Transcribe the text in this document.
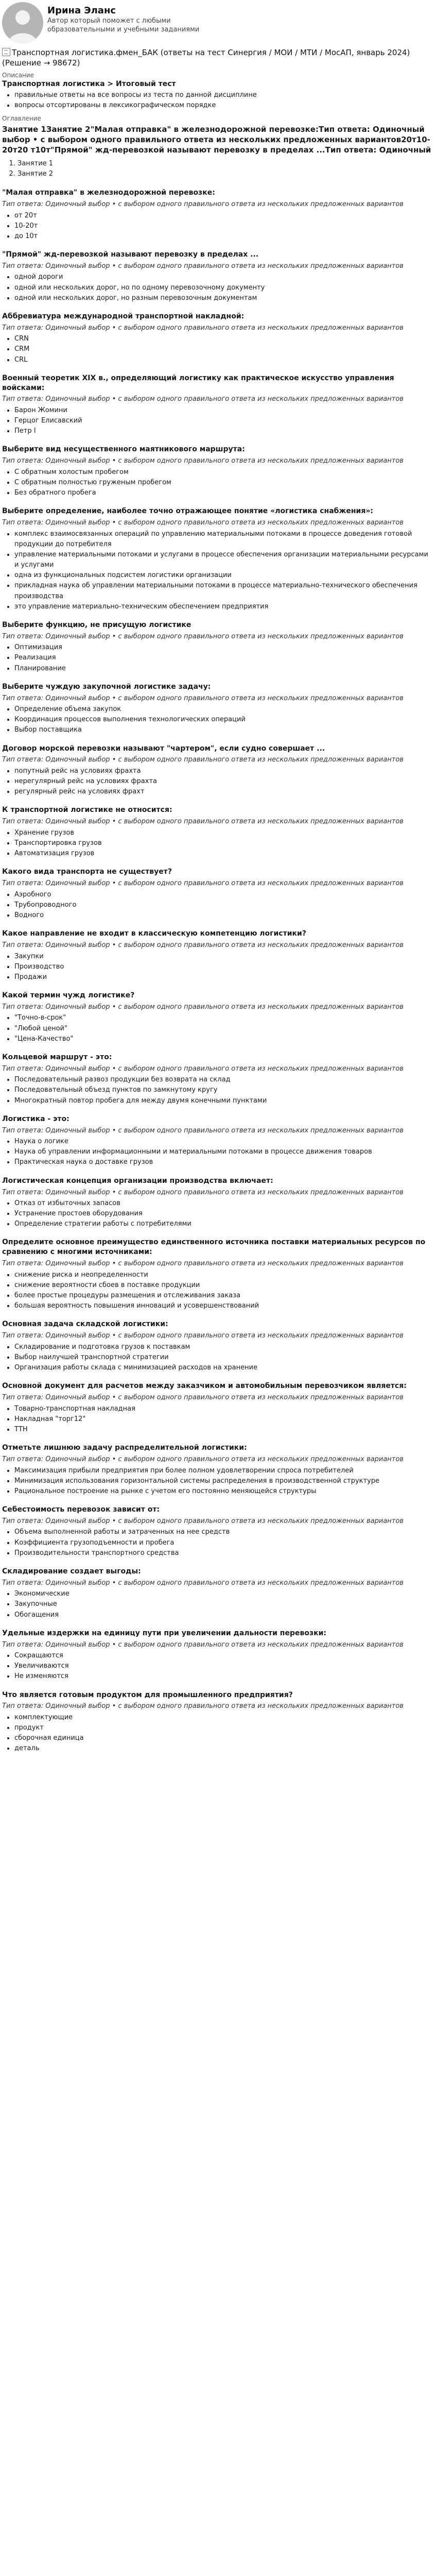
Ирина Эланс
Автор который поможет с любыми образовательными и учебными заданиями
Транспортная логистика.фмен_БАК (ответы на тест Синергия / МОИ / МТИ / МосАП, январь 2024) (Решение → 98672)
Описание
Транспортная логистика > Итоговый тест
• правильные ответы на все вопросы из теста по данной дисциплине
• вопросы отсортированы в лексикографическом порядке
Оглавление
Занятие 1Занятие 2"Малая отправка" в железнодорожной перевозке:Тип ответа: Одиночный выбор • с выбором одного правильного ответа из нескольких предложенных вариантов20т10-20т20 т10т"Прямой" жд-перевозкой называют перевозку в пределах ...Тип ответа: Одиночный
1. Занятие 1
2. Занятие 2
"Малая отправка" в железнодорожной перевозке:
Тип ответа: Одиночный выбор • с выбором одного правильного ответа из нескольких предложенных вариантов
• от 20т
• 10-20т
• до 10т
"Прямой" жд-перевозкой называют перевозку в пределах ...
Тип ответа: Одиночный выбор • с выбором одного правильного ответа из нескольких предложенных вариантов
• одной дороги
• одной или нескольких дорог, но по одному перевозочному документу
• одной или нескольких дорог, но разным перевозочным документам
Аббревиатура международной транспортной накладной:
Тип ответа: Одиночный выбор • с выбором одного правильного ответа из нескольких предложенных вариантов
• CRN
• CRM
• CRL
Военный теоретик XIX в., определяющий логистику как практическое искусство управления войсками:
Тип ответа: Одиночный выбор • с выбором одного правильного ответа из нескольких предложенных вариантов
• Барон Жомини
• Герцог Елисавский
• Петр I
Выберите вид несущественного маятникового маршрута:
Тип ответа: Одиночный выбор • с выбором одного правильного ответа из нескольких предложенных вариантов
• С обратным холостым пробегом
• С обратным полностью груженым пробегом
• Без обратного пробега
Выберите определение, наиболее точно отражающее понятие «логистика снабжения»:
Тип ответа: Одиночный выбор • с выбором одного правильного ответа из нескольких предложенных вариантов
• комплекс взаимосвязанных операций по управлению материальными потоками в процессе доведения готовой продукции до потребителя
• управление материальными потоками и услугами в процессе обеспечения организации материальными ресурсами и услугами
• одна из функциональных подсистем логистики организации
• прикладная наука об управлении материальными потоками в процессе материально-технического обеспечения производства
• это управление материально-техническим обеспечением предприятия
Выберите функцию, не присущую логистике
Тип ответа: Одиночный выбор • с выбором одного правильного ответа из нескольких предложенных вариантов
• Оптимизация
• Реализация
• Планирование
Выберите чуждую закупочной логистике задачу:
Тип ответа: Одиночный выбор • с выбором одного правильного ответа из нескольких предложенных вариантов
• Определение объема закупок
• Координация процессов выполнения технологических операций
• Выбор поставщика
Договор морской перевозки называют "чартером", если судно совершает ...
Тип ответа: Одиночный выбор • с выбором одного правильного ответа из нескольких предложенных вариантов
• попутный рейс на условиях фрахта
• нерегулярный рейс на условиях фрахта
• регулярный рейс на условиях фрахт
К транспортной логистике не относится:
Тип ответа: Одиночный выбор • с выбором одного правильного ответа из нескольких предложенных вариантов
• Хранение грузов
• Транспортировка грузов
• Автоматизация грузов
Какого вида транспорта не существует?
Тип ответа: Одиночный выбор • с выбором одного правильного ответа из нескольких предложенных вариантов
• Аэробного
• Трубопроводного
• Водного
Какое направление не входит в классическую компетенцию логистики?
Тип ответа: Одиночный выбор • с выбором одного правильного ответа из нескольких предложенных вариантов
• Закупки
• Производство
• Продажи
Какой термин чужд логистике?
Тип ответа: Одиночный выбор • с выбором одного правильного ответа из нескольких предложенных вариантов
• "Точно-в-срок"
• "Любой ценой"
• "Цена-Качество"
Кольцевой маршрут - это:
Тип ответа: Одиночный выбор • с выбором одного правильного ответа из нескольких предложенных вариантов
• Последовательный развоз продукции без возврата на склад
• Последовательный объезд пунктов по замкнутому кругу
• Многократный повтор пробега для между двумя конечными пунктами
Логистика - это:
Тип ответа: Одиночный выбор • с выбором одного правильного ответа из нескольких предложенных вариантов
• Наука о логике
• Наука об управлении информационными и материальными потоками в процессе движения товаров
• Практическая наука о доставке грузов
Логистическая концепция организации производства включает:
Тип ответа: Одиночный выбор • с выбором одного правильного ответа из нескольких предложенных вариантов
• Отказ от избыточных запасов
• Устранение простоев оборудования
• Определение стратегии работы с потребителями
Определите основное преимущество единственного источника поставки материальных ресурсов по сравнению с многими источниками:
Тип ответа: Одиночный выбор • с выбором одного правильного ответа из нескольких предложенных вариантов
• снижение риска и неопределенности
• снижение вероятности сбоев в поставке продукции
• более простые процедуры размещения и отслеживания заказа
• большая вероятность повышения инноваций и усовершенствований
Основная задача складской логистики:
Тип ответа: Одиночный выбор • с выбором одного правильного ответа из нескольких предложенных вариантов
• Складирование и подготовка грузов к поставкам
• Выбор наилучшей транспортной стратегии
• Организация работы склада с минимизацией расходов на хранение
Основной документ для расчетов между заказчиком и автомобильным перевозчиком является:
Тип ответа: Одиночный выбор • с выбором одного правильного ответа из нескольких предложенных вариантов
• Товарно-транспортная накладная
• Накладная "торг12"
• ТТН
Отметьте лишнюю задачу распределительной логистики:
Тип ответа: Одиночный выбор • с выбором одного правильного ответа из нескольких предложенных вариантов
• Максимизация прибыли предприятия при более полном удовлетворении спроса потребителей
• Минимизация использования горизонтальной системы распределения в производственной структуре
• Рациональное построение на рынке с учетом его постоянно меняющейся структуры
Себестоимость перевозок зависит от:
Тип ответа: Одиночный выбор • с выбором одного правильного ответа из нескольких предложенных вариантов
• Объема выполненной работы и затраченных на нее средств
• Коэффициента грузоподъемности и пробега
• Производительности транспортного средства
Складирование создает выгоды:
Тип ответа: Одиночный выбор • с выбором одного правильного ответа из нескольких предложенных вариантов
• Экономические
• Закупочные
• Обогащения
Удельные издержки на единицу пути при увеличении дальности перевозки:
Тип ответа: Одиночный выбор • с выбором одного правильного ответа из нескольких предложенных вариантов
• Сокращаются
• Увеличиваются
• Не изменяются
Что является готовым продуктом для промышленного предприятия?
Тип ответа: Одиночный выбор • с выбором одного правильного ответа из нескольких предложенных вариантов
• комплектующие
• продукт
• сборочная единица
• деталь
